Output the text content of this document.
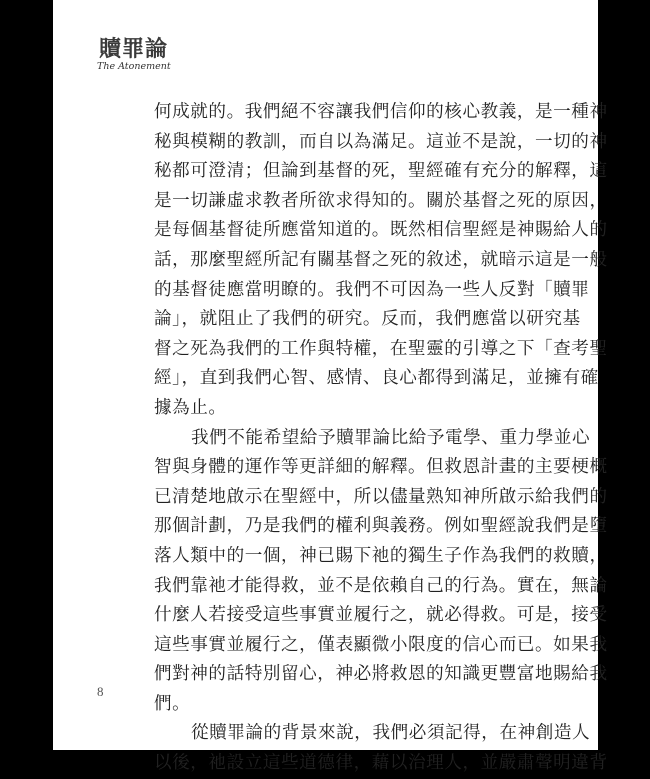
贖罪論
The Atonement
何成就的。我們絕不容讓我們信仰的核心教義，是一種神
秘與模糊的教訓，而自以為滿足。這並不是說，一切的神
秘都可澄清；但論到基督的死，聖經確有充分的解釋，這
是一切謙虛求教者所欲求得知的。關於基督之死的原因，
是每個基督徒所應當知道的。既然相信聖經是神賜給人的
話，那麼聖經所記有關基督之死的敘述，就暗示這是一般
的基督徒應當明瞭的。我們不可因為一些人反對「贖罪
論」，就阻止了我們的研究。反而，我們應當以研究基
督之死為我們的工作與特權，在聖靈的引導之下「查考聖
經」，直到我們心智、感情、良心都得到滿足，並擁有確
據為止。
我們不能希望給予贖罪論比給予電學、重力學並心
智與身體的運作等更詳細的解釋。但救恩計畫的主要梗概
已清楚地啟示在聖經中，所以儘量熟知神所啟示給我們的
那個計劃，乃是我們的權利與義務。例如聖經說我們是墮
落人類中的一個，神已賜下祂的獨生子作為我們的救贖，
我們靠祂才能得救，並不是依賴自己的行為。實在，無論
什麼人若接受這些事實並履行之，就必得救。可是，接受
這些事實並履行之，僅表顯微小限度的信心而已。如果我
們對神的話特別留心，神必將救恩的知識更豐富地賜給我
們。
從贖罪論的背景來說，我們必須記得，在神創造人
以後，祂設立這些道德律，藉以治理人，並嚴肅聲明違背
8
